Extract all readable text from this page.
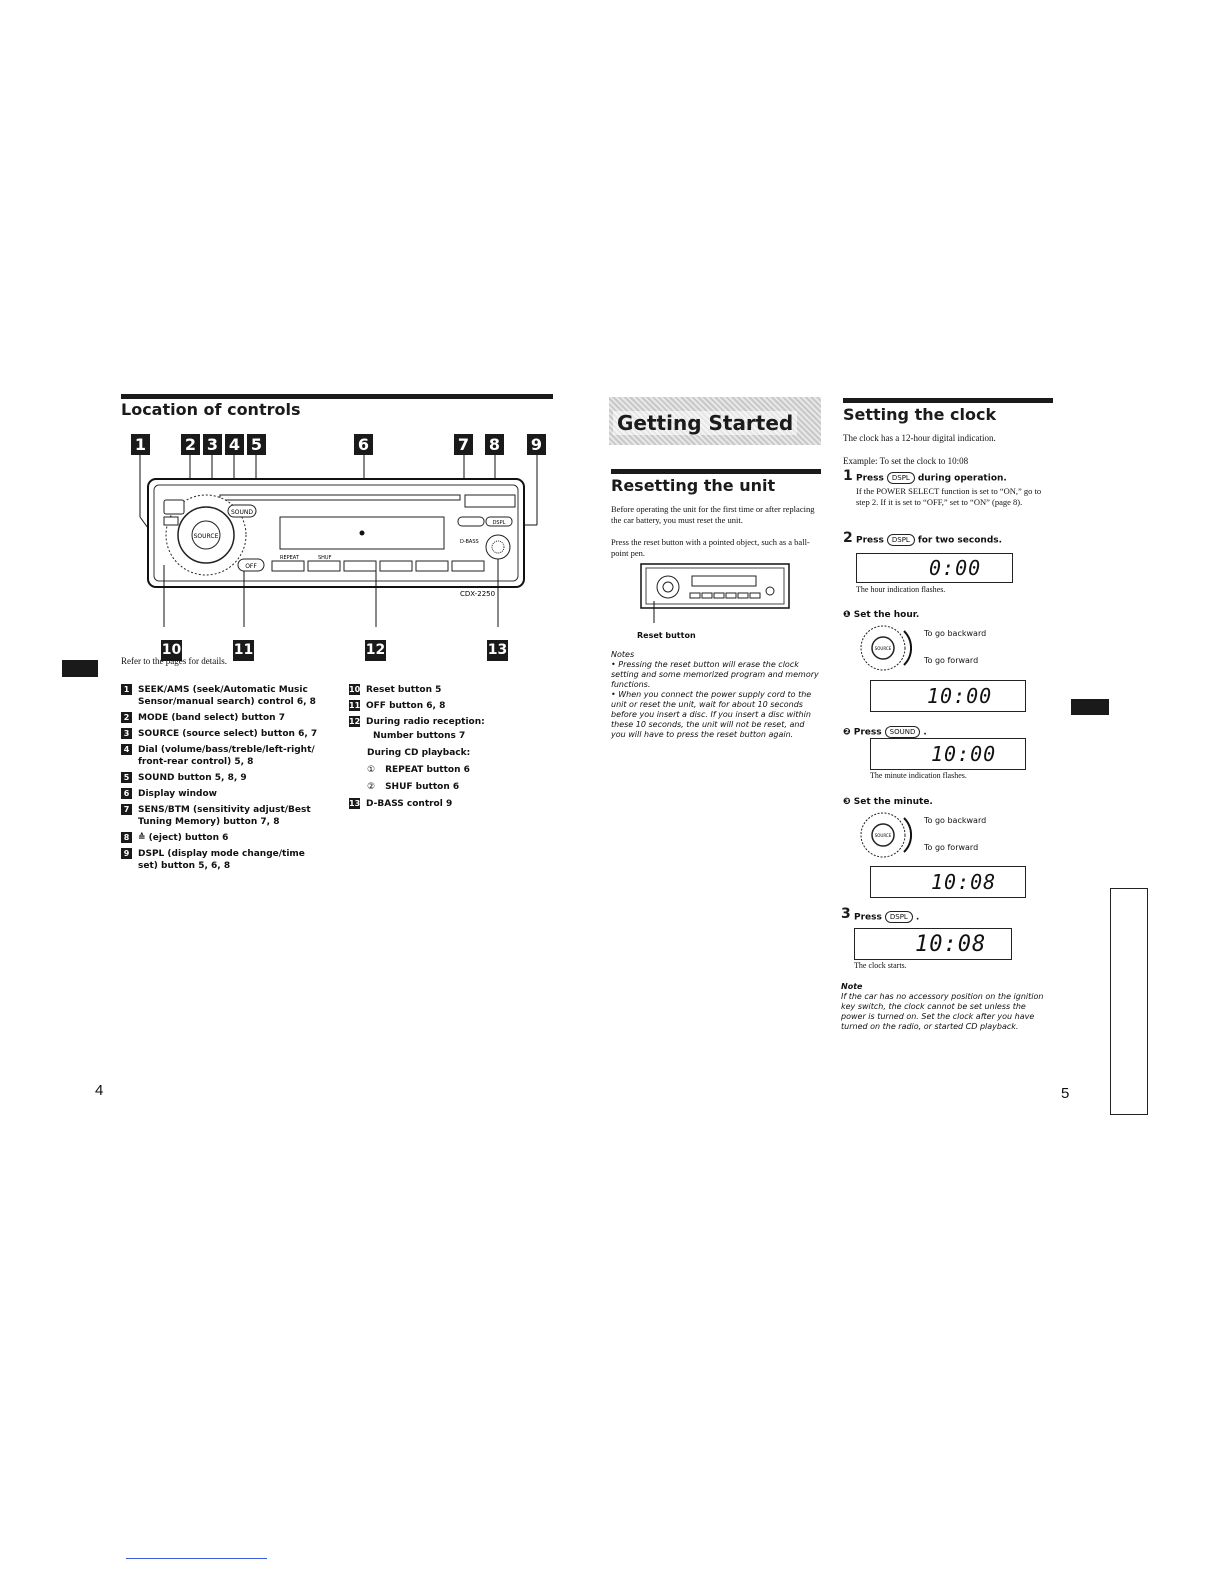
Location of controls
1 2 3 4 5	6	7 8 9
SOURCE
SOUND
OFF
DSPL
D-BASS
REPEAT	SHUF
CDX-2250
10	11	12	13
Refer to the pages for details.
1 SEEK/AMS (seek/Automatic Music Sensor/manual search) control 6, 8
2 MODE (band select) button 7
3 SOURCE (source select) button 6, 7
4 Dial (volume/bass/treble/left-right/ front-rear control) 5, 8
5 SOUND button 5, 8, 9
6 Display window
7 SENS/BTM (sensitivity adjust/Best Tuning Memory) button 7, 8
8 ≙ (eject) button 6
9 DSPL (display mode change/time set) button 5, 6, 8
10 Reset button 5
11 OFF button 6, 8
12 During radio reception:
Number buttons 7
During CD playback:
① REPEAT button 6
② SHUF button 6
13 D-BASS control 9
4
Getting Started
Resetting the unit
Before operating the unit for the first time or after replacing the car battery, you must reset the unit.
Press the reset button with a pointed object, such as a ball-point pen.
Reset button
Notes
• Pressing the reset button will erase the clock setting and some memorized program and memory functions.
• When you connect the power supply cord to the unit or reset the unit, wait for about 10 seconds before you insert a disc. If you insert a disc within these 10 seconds, the unit will not be reset, and you will have to press the reset button again.
Setting the clock
The clock has a 12-hour digital indication.
Example: To set the clock to 10:08
1 Press DSPL during operation.
If the POWER SELECT function is set to “ON,” go to step 2. If it is set to “OFF,” set to “ON” (page 8).
2 Press DSPL for two seconds.
0:00
The hour indication flashes.
❶ Set the hour.
SOURCE
To go backward
To go forward
10:00
❷ Press SOUND .
10:00
The minute indication flashes.
❸ Set the minute.
SOURCE
To go backward
To go forward
10:08
3 Press DSPL .
10:08
The clock starts.
Note
If the car has no accessory position on the ignition key switch, the clock cannot be set unless the power is turned on. Set the clock after you have turned on the radio, or started CD playback.
5
